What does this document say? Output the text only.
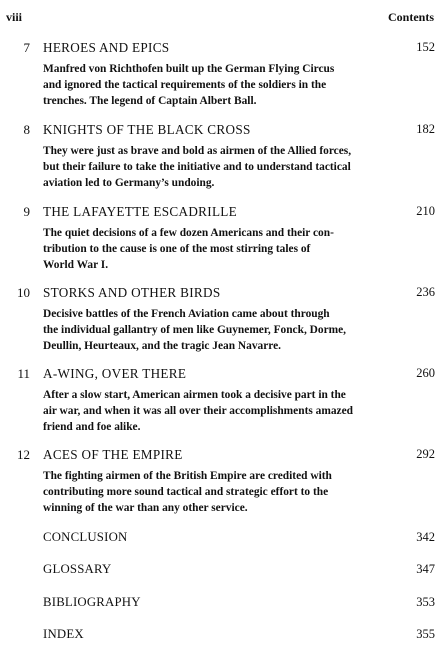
viii	Contents
7 HEROES AND EPICS	152
Manfred von Richthofen built up the German Flying Circus
and ignored the tactical requirements of the soldiers in the
trenches. The legend of Captain Albert Ball.
8 KNIGHTS OF THE BLACK CROSS	182
They were just as brave and bold as airmen of the Allied forces,
but their failure to take the initiative and to understand tactical
aviation led to Germany’s undoing.
9 THE LAFAYETTE ESCADRILLE	210
The quiet decisions of a few dozen Americans and their con-
tribution to the cause is one of the most stirring tales of
World War I.
10 STORKS AND OTHER BIRDS	236
Decisive battles of the French Aviation came about through
the individual gallantry of men like Guynemer, Fonck, Dorme,
Deullin, Heurteaux, and the tragic Jean Navarre.
11 A-WING, OVER THERE	260
After a slow start, American airmen took a decisive part in the
air war, and when it was all over their accomplishments amazed
friend and foe alike.
12 ACES OF THE EMPIRE	292
The fighting airmen of the British Empire are credited with
contributing more sound tactical and strategic effort to the
winning of the war than any other service.
CONCLUSION	342
GLOSSARY	347
BIBLIOGRAPHY	353
INDEX	355
